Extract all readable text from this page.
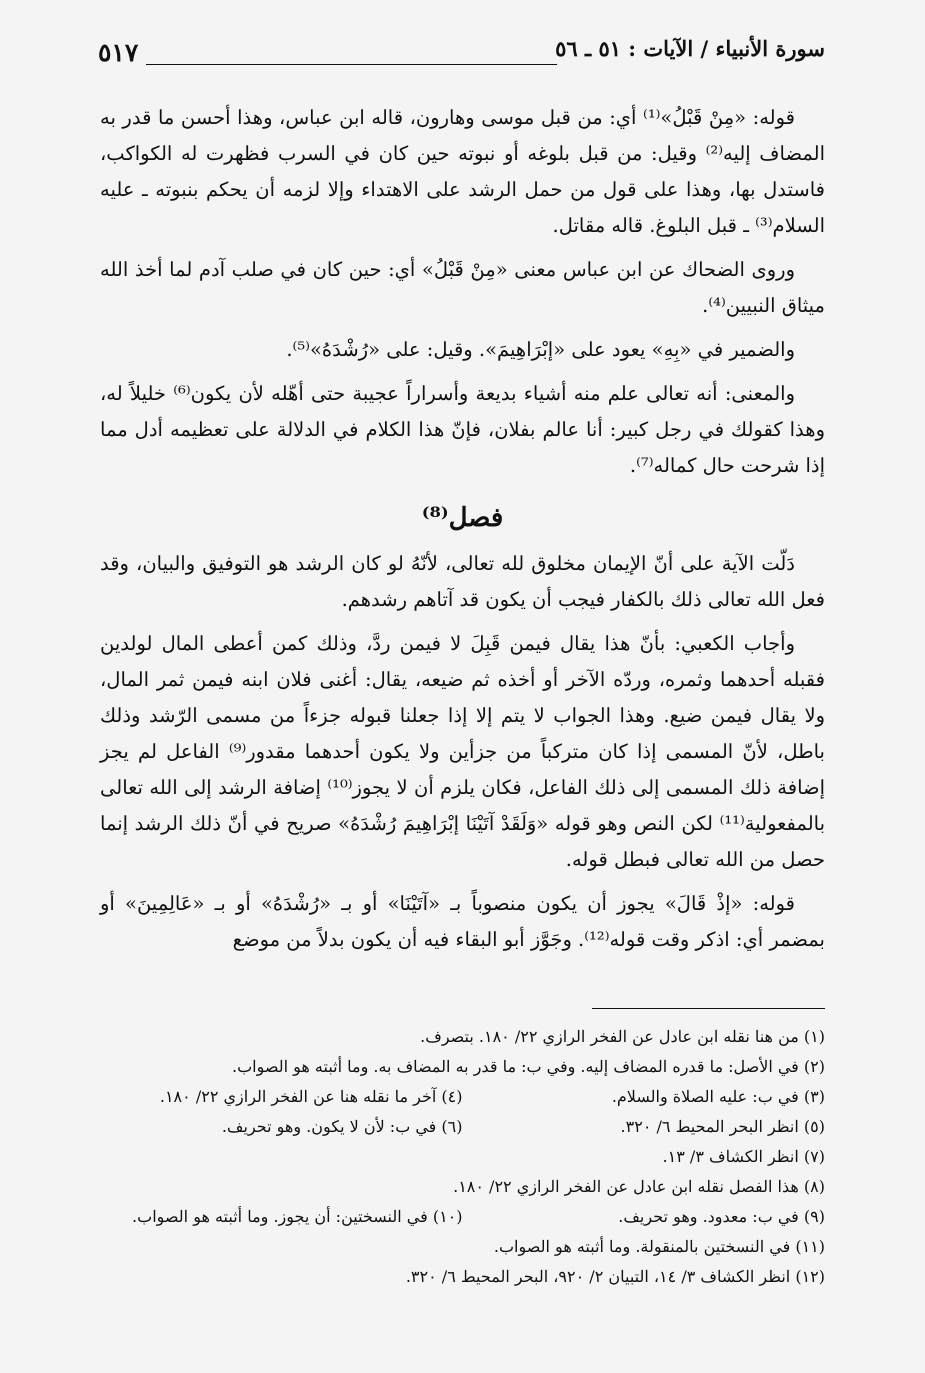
٥١٧	سورة الأنبياء / الآيات : ٥١ ـ ٥٦

قوله: «مِنْ قَبْلُ»⁽¹⁾ أي: من قبل موسى وهارون، قاله ابن عباس، وهذا أحسن ما قدر به المضاف إليه⁽²⁾ وقيل: من قبل بلوغه أو نبوته حين كان في السرب فظهرت له الكواكب، فاستدل بها، وهذا على قول من حمل الرشد على الاهتداء وإلا لزمه أن يحكم بنبوته ـ عليه السلام⁽³⁾ ـ قبل البلوغ. قاله مقاتل.

وروى الضحاك عن ابن عباس معنى «مِنْ قَبْلُ» أي: حين كان في صلب آدم لما أخذ الله ميثاق النبيين⁽⁴⁾.

والضمير في «بِهِ» يعود على «إبْرَاهِيمَ». وقيل: على «رُشْدَهُ»⁽⁵⁾.

والمعنى: أنه تعالى علم منه أشياء بديعة وأسراراً عجيبة حتى أهّله لأن يكون⁽⁶⁾ خليلاً له، وهذا كقولك في رجل كبير: أنا عالم بفلان، فإنّ هذا الكلام في الدلالة على تعظيمه أدل مما إذا شرحت حال كماله⁽⁷⁾.

فصل⁽⁸⁾

دَلّت الآية على أنّ الإيمان مخلوق لله تعالى، لأنّهُ لو كان الرشد هو التوفيق والبيان، وقد فعل الله تعالى ذلك بالكفار فيجب أن يكون قد آتاهم رشدهم.

وأجاب الكعبي: بأنّ هذا يقال فيمن قَبِلَ لا فيمن ردَّ، وذلك كمن أعطى المال لولدين فقبله أحدهما وثمره، وردّه الآخر أو أخذه ثم ضيعه، يقال: أغنى فلان ابنه فيمن ثمر المال، ولا يقال فيمن ضيع. وهذا الجواب لا يتم إلا إذا جعلنا قبوله جزءاً من مسمى الرّشد وذلك باطل، لأنّ المسمى إذا كان متركباً من جزأين ولا يكون أحدهما مقدور⁽⁹⁾ الفاعل لم يجز إضافة ذلك المسمى إلى ذلك الفاعل، فكان يلزم أن لا يجوز⁽¹⁰⁾ إضافة الرشد إلى الله تعالى بالمفعولية⁽¹¹⁾ لكن النص وهو قوله «وَلَقَدْ آتَيْنَا إبْرَاهِيمَ رُشْدَهُ» صريح في أنّ ذلك الرشد إنما حصل من الله تعالى فبطل قوله.

قوله: «إذْ قَالَ» يجوز أن يكون منصوباً بـ «آتَيْنَا» أو بـ «رُشْدَهُ» أو بـ «عَالِمِينَ» أو بمضمر أي: اذكر وقت قوله⁽¹²⁾. وجَوَّز أبو البقاء فيه أن يكون بدلاً من موضع

(١) من هنا نقله ابن عادل عن الفخر الرازي ٢٢/ ١٨٠. بتصرف.

(٢) في الأصل: ما قدره المضاف إليه. وفي ب: ما قدر به المضاف به. وما أثبته هو الصواب.

(٣) في ب: عليه الصلاة والسلام.
(٤) آخر ما نقله هنا عن الفخر الرازي ٢٢/ ١٨٠.
(٥) انظر البحر المحيط ٦/ ٣٢٠.
(٦) في ب: لأن لا يكون. وهو تحريف.

(٧) انظر الكشاف ٣/ ١٣.

(٨) هذا الفصل نقله ابن عادل عن الفخر الرازي ٢٢/ ١٨٠.

(٩) في ب: معدود. وهو تحريف.
(١٠) في النسختين: أن يجوز. وما أثبته هو الصواب.

(١١) في النسختين بالمنقولة. وما أثبته هو الصواب.

(١٢) انظر الكشاف ٣/ ١٤، التبيان ٢/ ٩٢٠، البحر المحيط ٦/ ٣٢٠.
